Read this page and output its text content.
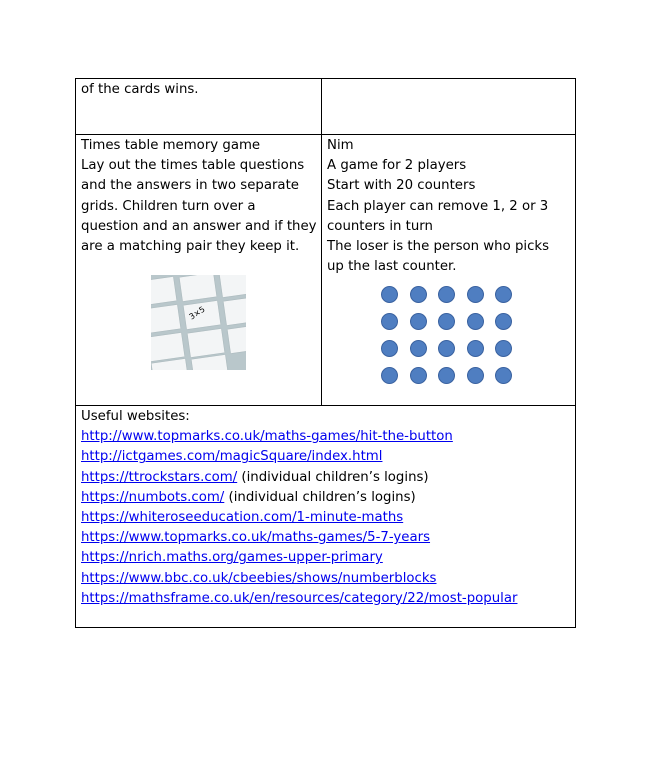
of the cards wins.
Times table memory game
Lay out the times table questions
and the answers in two separate
grids. Children turn over a
question and an answer and if they
are a matching pair they keep it.
3×5
Nim
A game for 2 players
Start with 20 counters
Each player can remove 1, 2 or 3
counters in turn
The loser is the person who picks
up the last counter.
Useful websites:
http://www.topmarks.co.uk/maths-games/hit-the-button
http://ictgames.com/magicSquare/index.html
https://ttrockstars.com/ (individual children’s logins)
https://numbots.com/ (individual children’s logins)
https://whiteroseeducation.com/1-minute-maths
https://www.topmarks.co.uk/maths-games/5-7-years
https://nrich.maths.org/games-upper-primary
https://www.bbc.co.uk/cbeebies/shows/numberblocks
https://mathsframe.co.uk/en/resources/category/22/most-popular
